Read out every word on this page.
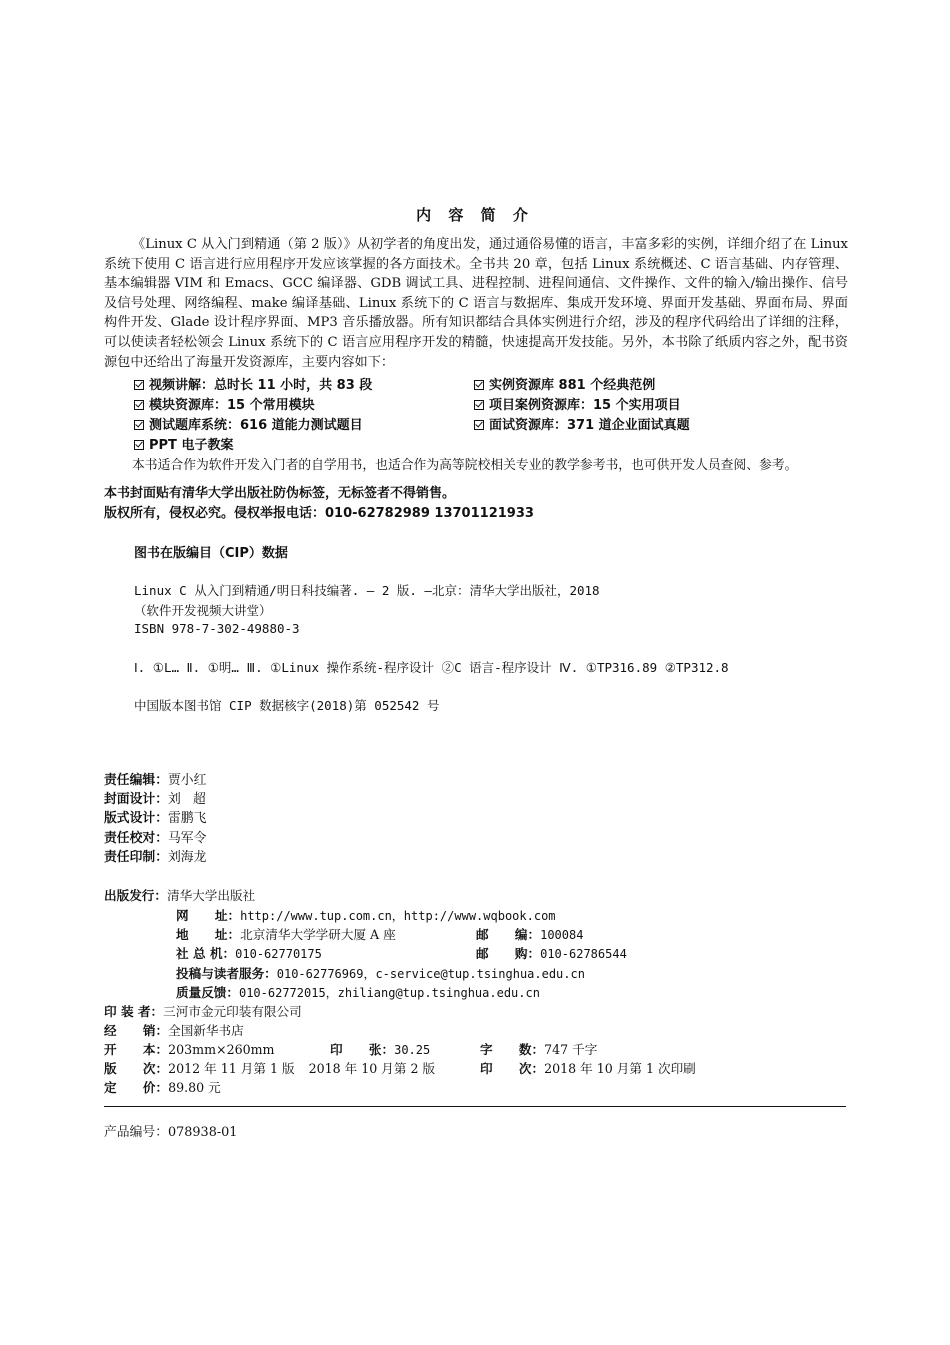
内 容 简 介
《Linux C 从入门到精通（第 2 版）》从初学者的角度出发，通过通俗易懂的语言，丰富多彩的实例，详细介绍了在 Linux 系统下使用 C 语言进行应用程序开发应该掌握的各方面技术。全书共 20 章，包括 Linux 系统概述、C 语言基础、内存管理、基本编辑器 VIM 和 Emacs、GCC 编译器、GDB 调试工具、进程控制、进程间通信、文件操作、文件的输入/输出操作、信号及信号处理、网络编程、make 编译基础、Linux 系统下的 C 语言与数据库、集成开发环境、界面开发基础、界面布局、界面构件开发、Glade 设计程序界面、MP3 音乐播放器。所有知识都结合具体实例进行介绍，涉及的程序代码给出了详细的注释，可以使读者轻松领会 Linux 系统下的 C 语言应用程序开发的精髓，快速提高开发技能。另外，本书除了纸质内容之外，配书资源包中还给出了海量开发资源库，主要内容如下：
视频讲解：总时长 11 小时，共 83 段	实例资源库 881 个经典范例
模块资源库：15 个常用模块	项目案例资源库：15 个实用项目
测试题库系统：616 道能力测试题目	面试资源库：371 道企业面试真题
PPT 电子教案
本书适合作为软件开发入门者的自学用书，也适合作为高等院校相关专业的教学参考书，也可供开发人员查阅、参考。
本书封面贴有清华大学出版社防伪标签，无标签者不得销售。
版权所有，侵权必究。侵权举报电话：010-62782989 13701121933
图书在版编目（CIP）数据
Linux C 从入门到精通/明日科技编著. — 2 版. —北京：清华大学出版社，2018
（软件开发视频大讲堂）
ISBN 978-7-302-49880-3
Ⅰ. ①L… Ⅱ. ①明… Ⅲ. ①Linux 操作系统-程序设计 ②C 语言-程序设计 Ⅳ. ①TP316.89 ②TP312.8
中国版本图书馆 CIP 数据核字(2018)第 052542 号
责任编辑：贾小红
封面设计：刘   超
版式设计：雷鹏飞
责任校对：马军令
责任印制：刘海龙
出版发行：清华大学出版社
网      址：http://www.tup.com.cn，http://www.wqbook.com
地      址：北京清华大学学研大厦 A 座	邮      编：100084
社 总 机：010-62770175	邮      购：010-62786544
投稿与读者服务：010-62776969，c-service@tup.tsinghua.edu.cn
质量反馈：010-62772015，zhiliang@tup.tsinghua.edu.cn
印 装 者：三河市金元印装有限公司
经      销：全国新华书店
开      本：203mm×260mm	印      张：30.25	字      数：747 千字
版      次：2012 年 11 月第 1 版 2018 年 10 月第 2 版	印      次：2018 年 10 月第 1 次印刷
定      价：89.80 元
产品编号：078938-01
